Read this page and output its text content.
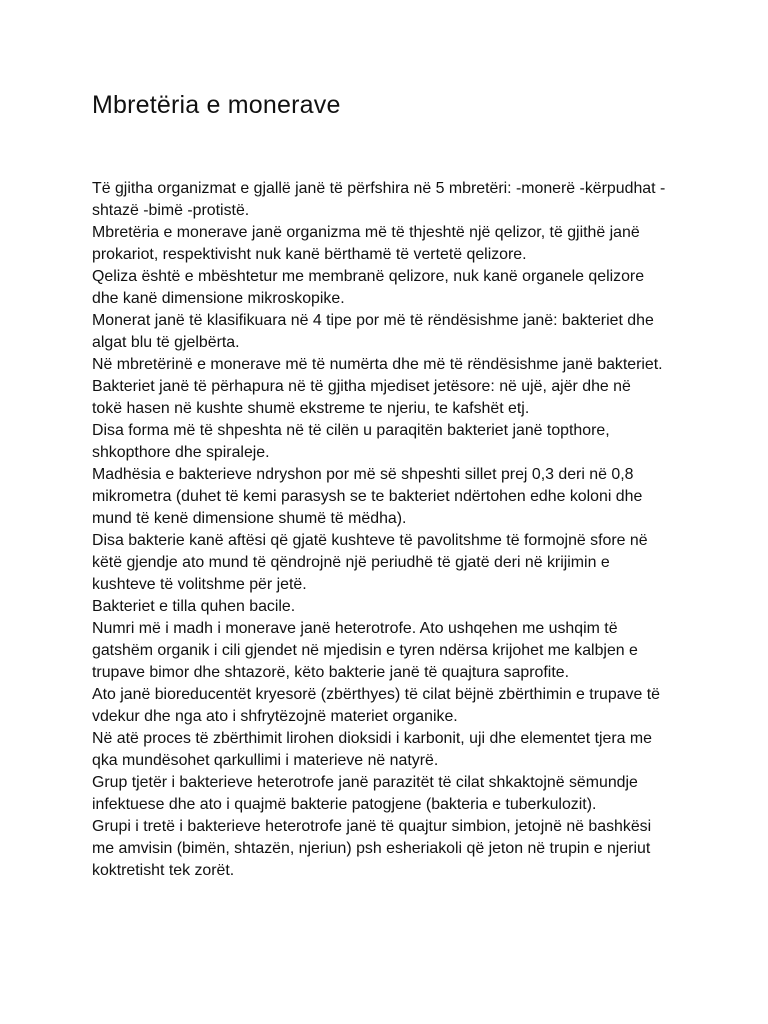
Mbretëria e monerave
Të gjitha organizmat e gjallë janë të përfshira në 5 mbretëri: -monerë -kërpudhat -
shtazë -bimë -protistë.
Mbretëria e monerave janë organizma më të thjeshtë një qelizor, të gjithë janë
prokariot, respektivisht nuk kanë bërthamë të vertetë qelizore.
Qeliza është e mbështetur me membranë qelizore, nuk kanë organele qelizore
dhe kanë dimensione mikroskopike.
Monerat janë të klasifikuara në 4 tipe por më të rëndësishme janë: bakteriet dhe
algat blu të gjelbërta.
Në mbretërinë e monerave më të numërta dhe më të rëndësishme janë bakteriet.
Bakteriet janë të përhapura në të gjitha mjediset jetësore: në ujë, ajër dhe në
tokë hasen në kushte shumë ekstreme te njeriu, te kafshët etj.
Disa forma më të shpeshta në të cilën u paraqitën bakteriet janë topthore,
shkopthore dhe spiraleje.
Madhësia e bakterieve ndryshon por më së shpeshti sillet prej 0,3 deri në 0,8
mikrometra (duhet të kemi parasysh se te bakteriet ndërtohen edhe koloni dhe
mund të kenë dimensione shumë të mëdha).
Disa bakterie kanë aftësi që gjatë kushteve të pavolitshme të formojnë sfore në
këtë gjendje ato mund të qëndrojnë një periudhë të gjatë deri në krijimin e
kushteve të volitshme për jetë.
Bakteriet e tilla quhen bacile.
Numri më i madh i monerave janë heterotrofe. Ato ushqehen me ushqim të
gatshëm organik i cili gjendet në mjedisin e tyren ndërsa krijohet me kalbjen e
trupave bimor dhe shtazorë, këto bakterie janë të quajtura saprofite.
Ato janë bioreducentët kryesorë (zbërthyes) të cilat bëjnë zbërthimin e trupave të
vdekur dhe nga ato i shfrytëzojnë materiet organike.
Në atë proces të zbërthimit lirohen dioksidi i karbonit, uji dhe elementet tjera me
qka mundësohet qarkullimi i materieve në natyrë.
Grup tjetër i bakterieve heterotrofe janë parazitët të cilat shkaktojnë sëmundje
infektuese dhe ato i quajmë bakterie patogjene (bakteria e tuberkulozit).
Grupi i tretë i bakterieve heterotrofe janë të quajtur simbion, jetojnë në bashkësi
me amvisin (bimën, shtazën, njeriun) psh esheriakoli që jeton në trupin e njeriut
koktretisht tek zorët.
